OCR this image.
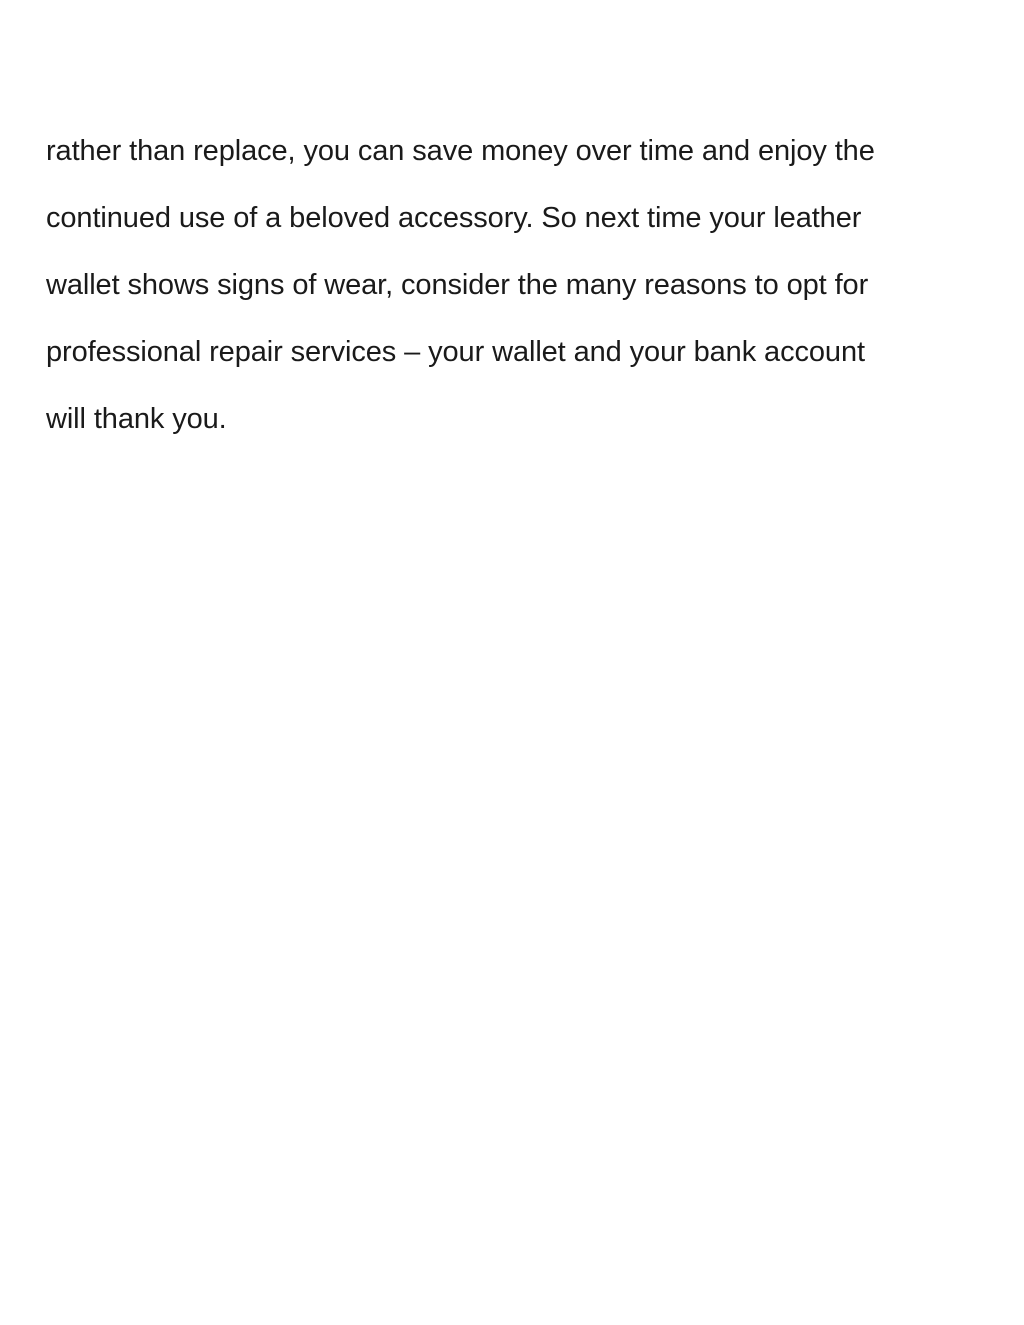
rather than replace, you can save money over time and enjoy the
continued use of a beloved accessory. So next time your leather
wallet shows signs of wear, consider the many reasons to opt for
professional repair services – your wallet and your bank account
will thank you.
